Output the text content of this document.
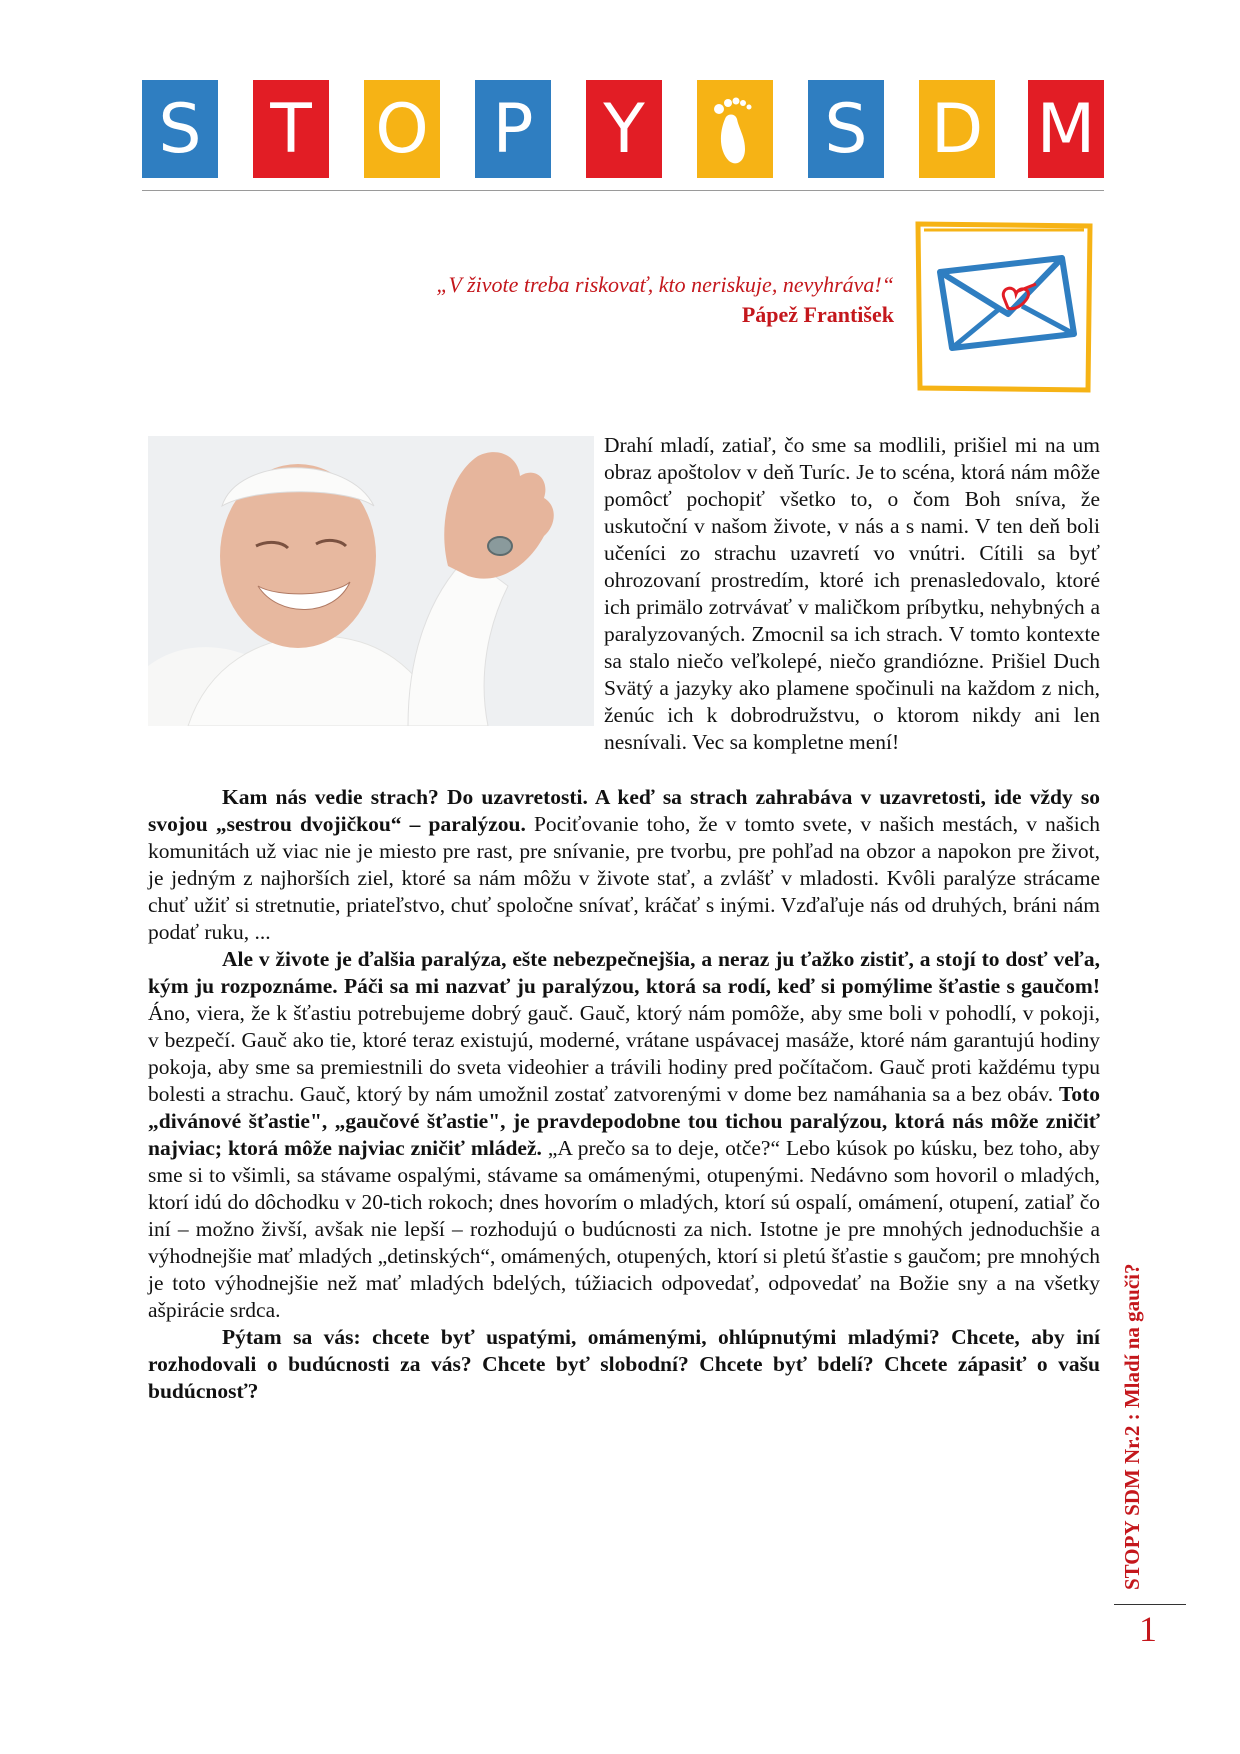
S T O P Y	S D M
„V živote treba riskovať, kto neriskuje, nevyhráva!“
Pápež František

Drahí mladí, zatiaľ, čo sme sa modlili, prišiel mi na um obraz apoštolov v deň Turíc. Je to scéna, ktorá nám môže pomôcť pochopiť všetko to, o čom Boh sníva, že uskutoční v našom živote, v nás a s nami. V ten deň boli učeníci zo strachu uzavretí vo vnútri. Cítili sa byť ohrozovaní prostredím, ktoré ich prenasledovalo, ktoré ich primälo zotrvávať v maličkom príbytku, nehybných a paralyzovaných. Zmocnil sa ich strach. V tomto kontexte sa stalo niečo veľkolepé, niečo grandiózne. Prišiel Duch Svätý a jazyky ako plamene spočinuli na každom z nich, ženúc ich k dobrodružstvu, o ktorom nikdy ani len nesnívali. Vec sa kompletne mení!

Kam nás vedie strach? Do uzavretosti. A keď sa strach zahrabáva v uzavretosti, ide vždy so svojou „sestrou dvojičkou“ – paralýzou. Pociťovanie toho, že v tomto svete, v našich mestách, v našich komunitách už viac nie je miesto pre rast, pre snívanie, pre tvorbu, pre pohľad na obzor a napokon pre život, je jedným z najhorších ziel, ktoré sa nám môžu v živote stať, a zvlášť v mladosti. Kvôli paralýze strácame chuť užiť si stretnutie, priateľstvo, chuť spoločne snívať, kráčať s inými. Vzďaľuje nás od druhých, bráni nám podať ruku, ...

Ale v živote je ďalšia paralýza, ešte nebezpečnejšia, a neraz ju ťažko zistiť, a stojí to dosť veľa, kým ju rozpoznáme. Páči sa mi nazvať ju paralýzou, ktorá sa rodí, keď si pomýlime šťastie s gaučom! Áno, viera, že k šťastiu potrebujeme dobrý gauč. Gauč, ktorý nám pomôže, aby sme boli v pohodlí, v pokoji, v bezpečí. Gauč ako tie, ktoré teraz existujú, moderné, vrátane uspávacej masáže, ktoré nám garantujú hodiny pokoja, aby sme sa premiestnili do sveta videohier a trávili hodiny pred počítačom. Gauč proti každému typu bolesti a strachu. Gauč, ktorý by nám umožnil zostať zatvorenými v dome bez namáhania sa a bez obáv. Toto „divánové šťastie", „gaučové šťastie", je pravdepodobne tou tichou paralýzou, ktorá nás môže zničiť najviac; ktorá môže najviac zničiť mládež. „A prečo sa to deje, otče?“ Lebo kúsok po kúsku, bez toho, aby sme si to všimli, sa stávame ospalými, stávame sa omámenými, otupenými. Nedávno som hovoril o mladých, ktorí idú do dôchodku v 20-tich rokoch; dnes hovorím o mladých, ktorí sú ospalí, omámení, otupení, zatiaľ čo iní – možno živší, avšak nie lepší – rozhodujú o budúcnosti za nich. Istotne je pre mnohých jednoduchšie a výhodnejšie mať mladých „detinských“, omámených, otupených, ktorí si pletú šťastie s gaučom; pre mnohých je toto výhodnejšie než mať mladých bdelých, túžiacich odpovedať, odpovedať na Božie sny a na všetky ašpirácie srdca.

Pýtam sa vás: chcete byť uspatými, omámenými, ohlúpnutými mladými? Chcete, aby iní rozhodovali o budúcnosti za vás? Chcete byť slobodní? Chcete byť bdelí? Chcete zápasiť o vašu budúcnosť?	STOPY SDM Nr.2 : Mladí na gauči?
1
